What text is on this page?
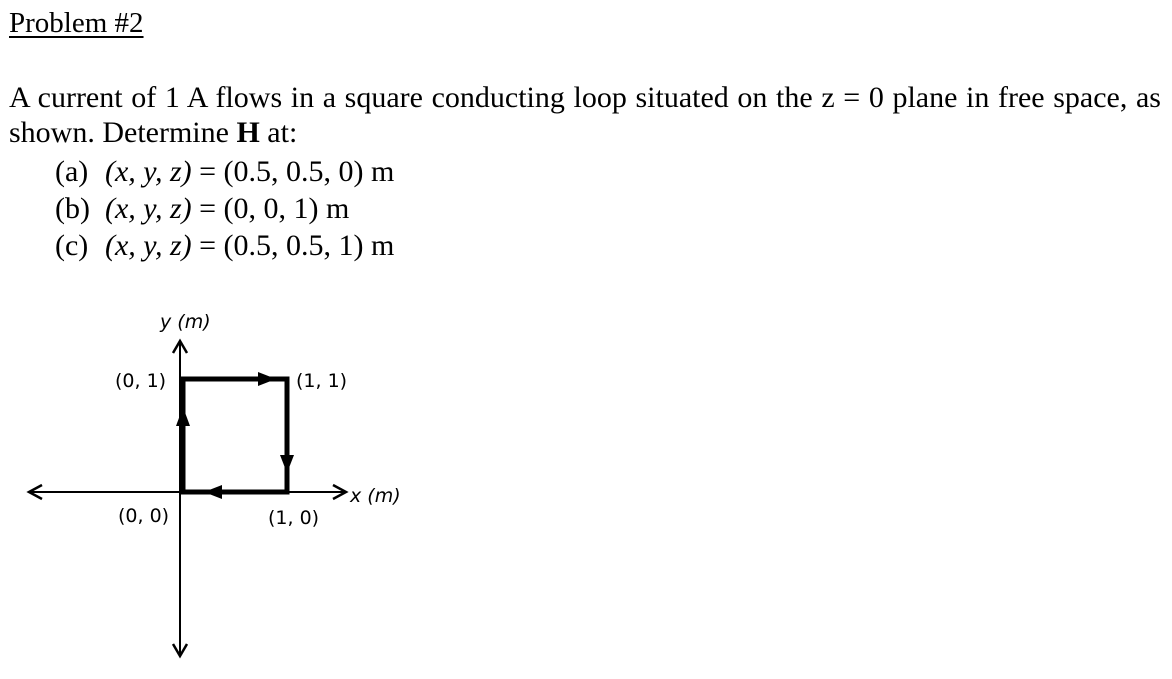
Problem #2
A current of 1 A flows in a square conducting loop situated on the z = 0 plane in free space, as shown. Determine H at:
(a) (x, y, z) = (0.5, 0.5, 0) m
(b) (x, y, z) = (0, 0, 1) m
(c) (x, y, z) = (0.5, 0.5, 1) m
y (m)
x (m)
(0, 1)	(1, 1)
(0, 0)	(1, 0)
